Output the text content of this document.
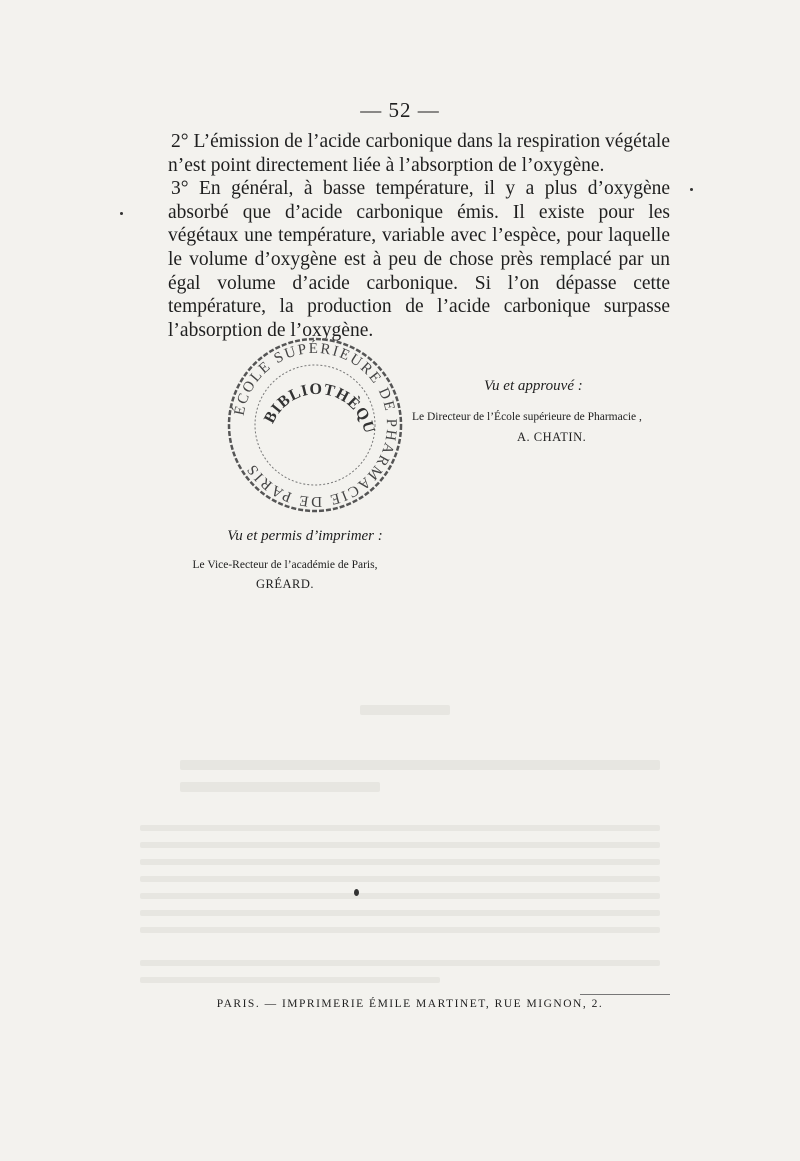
— 52 —

2° L’émission de l’acide carbonique dans la respiration végétale n’est point directement liée à l’absorption de l’oxygène.

3° En général, à basse température, il y a plus d’oxygène absorbé que d’acide carbonique émis. Il existe pour les végétaux une température, variable avec l’espèce, pour laquelle le volume d’oxygène est à peu de chose près remplacé par un égal volume d’acide carbonique. Si l’on dépasse cette température, la production de l’acide carbonique surpasse l’absorption de l’oxygène.

ÉCOLE SUPÉRIEURE DE PHARMACIE DE PARIS
BIBLIOTHÈQU
Vu et approuvé :
Le Directeur de l’École supérieure de Pharmacie ,
A. CHATIN.
Vu et permis d’imprimer :
Le Vice-Recteur de l’académie de Paris,
GRÉARD.
PARIS. — IMPRIMERIE ÉMILE MARTINET, RUE MIGNON, 2.
